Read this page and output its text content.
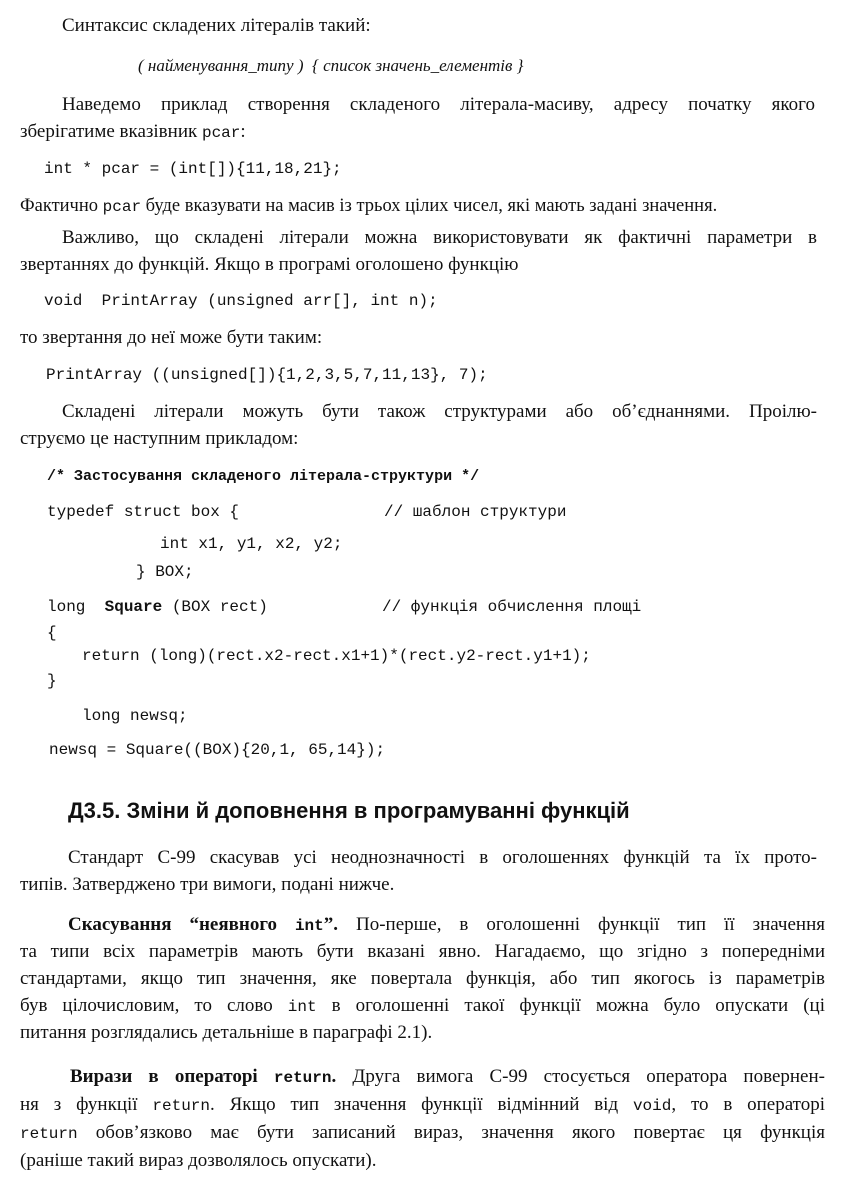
Синтаксис складених літералів такий:
( найменування_типу ) { список значень_елементів }
Наведемо приклад створення складеного літерала-масиву, адресу початку якого
зберігатиме вказівник pcar:
int * pcar = (int[]){11,18,21};
Фактично pcar буде вказувати на масив із трьох цілих чисел, які мають задані значення.
Важливо, що складені літерали можна використовувати як фактичні параметри в
звертаннях до функцій. Якщо в програмі оголошено функцію
void  PrintArray (unsigned arr[], int n);
то звертання до неї може бути таким:
PrintArray ((unsigned[]){1,2,3,5,7,11,13}, 7);
Складені літерали можуть бути також структурами або об’єднаннями. Проілю-
струємо це наступним прикладом:
/* Застосування складеного літерала-структури */
typedef struct box {	// шаблон структури
int x1, y1, x2, y2;
} BOX;
long  Square (BOX rect)	// функція обчислення площі
{
return (long)(rect.x2-rect.x1+1)*(rect.y2-rect.y1+1);
}
long newsq;
newsq = Square((BOX){20,1, 65,14});
Д3.5. Зміни й доповнення в програмуванні функцій
Стандарт С-99 скасував усі неоднозначності в оголошеннях функцій та їх прото-
типів. Затверджено три вимоги, подані нижче.
Скасування “неявного int”. По-перше, в оголошенні функції тип її значення
та типи всіх параметрів мають бути вказані явно. Нагадаємо, що згідно з попередніми
стандартами, якщо тип значення, яке повертала функція, або тип якогось із параметрів
був цілочисловим, то слово int в оголошенні такої функції можна було опускати (ці
питання розглядались детальніше в параграфі 2.1).
Вирази в операторі return. Друга вимога С-99 стосується оператора повернен-
ня з функції return. Якщо тип значення функції відмінний від void, то в операторі
return обов’язково має бути записаний вираз, значення якого повертає ця функція
(раніше такий вираз дозволялось опускати).
